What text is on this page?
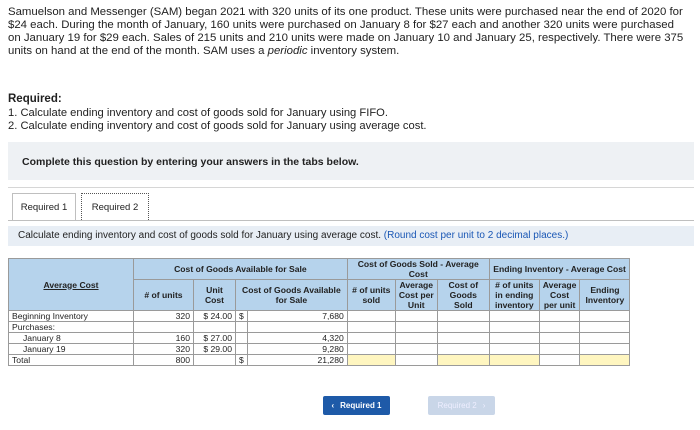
Samuelson and Messenger (SAM) began 2021 with 320 units of its one product. These units were purchased near the end of 2020 for
$24 each. During the month of January, 160 units were purchased on January 8 for $27 each and another 320 units were purchased
on January 19 for $29 each. Sales of 215 units and 210 units were made on January 10 and January 25, respectively. There were 375
units on hand at the end of the month. SAM uses a periodic inventory system.
Required:
1. Calculate ending inventory and cost of goods sold for January using FIFO.
2. Calculate ending inventory and cost of goods sold for January using average cost.
Complete this question by entering your answers in the tabs below.
Required 1	Required 2
Calculate ending inventory and cost of goods sold for January using average cost. (Round cost per unit to 2 decimal places.)
Average Cost	Cost of Goods Available for Sale				Cost of Goods Sold - Average Cost			Ending Inventory - Average Cost		
	# of units	Unit Cost	Cost of Goods Available for Sale		# of units sold	Average Cost per Unit	Cost of Goods Sold	# of units in ending inventory	Average Cost per unit	Ending Inventory
Beginning Inventory	320	$ 24.00	$	7,680						
Purchases:										
January 8	160	$ 27.00		4,320						
January 19	320	$ 29.00		9,280						
Total	800		$	21,280						
‹ Required 1	Required 2 ›
